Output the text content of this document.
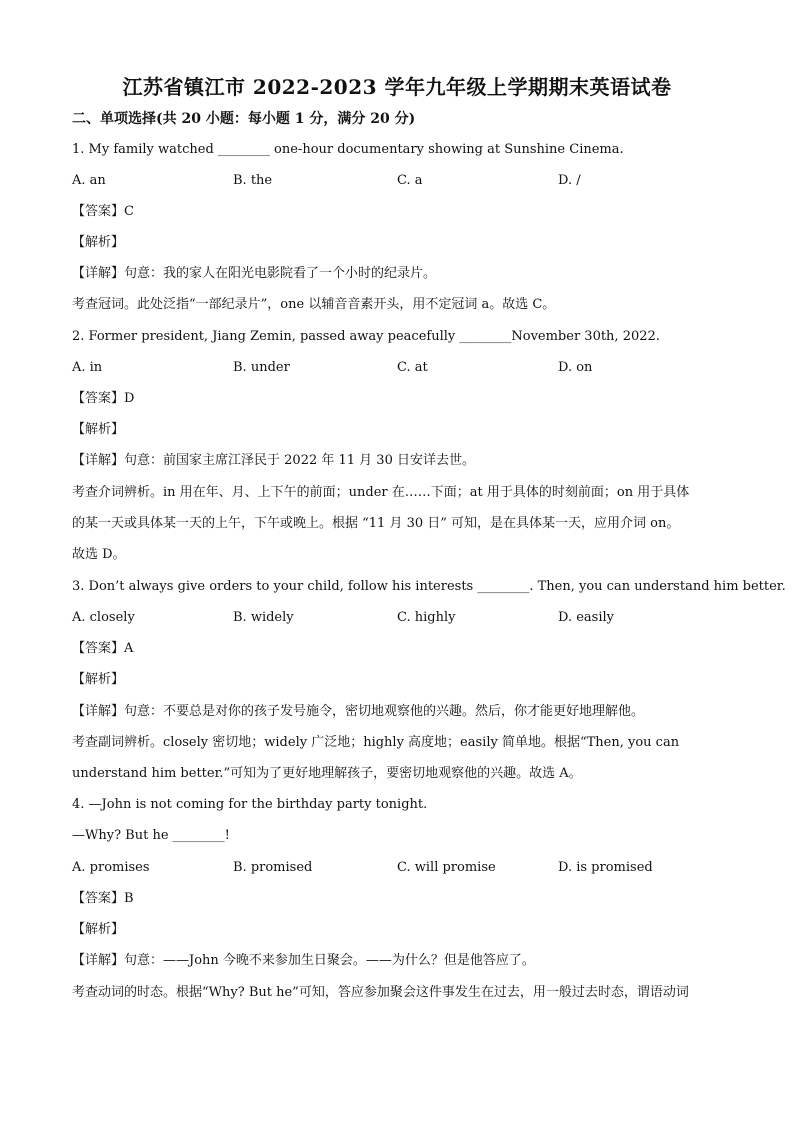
江苏省镇江市 2022-2023 学年九年级上学期期末英语试卷
二、单项选择(共 20 小题：每小题 1 分，满分 20 分)
1. My family watched ________ one-hour documentary showing at Sunshine Cinema.
A. an	B. the	C. a	D. /
【答案】C
【解析】
【详解】句意：我的家人在阳光电影院看了一个小时的纪录片。
考查冠词。此处泛指“一部纪录片”，one 以辅音音素开头，用不定冠词 a。故选 C。
2. Former president, Jiang Zemin, passed away peacefully ________November 30th, 2022.
A. in	B. under	C. at	D. on
【答案】D
【解析】
【详解】句意：前国家主席江泽民于 2022 年 11 月 30 日安详去世。
考查介词辨析。in 用在年、月、上下午的前面；under 在……下面；at 用于具体的时刻前面；on 用于具体
的某一天或具体某一天的上午，下午或晚上。根据 “11 月 30 日” 可知，是在具体某一天，应用介词 on。
故选 D。
3. Don’t always give orders to your child, follow his interests ________. Then, you can understand him better.
A. closely	B. widely	C. highly	D. easily
【答案】A
【解析】
【详解】句意：不要总是对你的孩子发号施令，密切地观察他的兴趣。然后，你才能更好地理解他。
考查副词辨析。closely 密切地；widely 广泛地；highly 高度地；easily 简单地。根据“Then, you can
understand him better.”可知为了更好地理解孩子，要密切地观察他的兴趣。故选 A。
4. —John is not coming for the birthday party tonight.
—Why? But he ________!
A. promises	B. promised	C. will promise	D. is promised
【答案】B
【解析】
【详解】句意：——John 今晚不来参加生日聚会。——为什么？但是他答应了。
考查动词的时态。根据“Why? But he”可知，答应参加聚会这件事发生在过去，用一般过去时态，谓语动词
